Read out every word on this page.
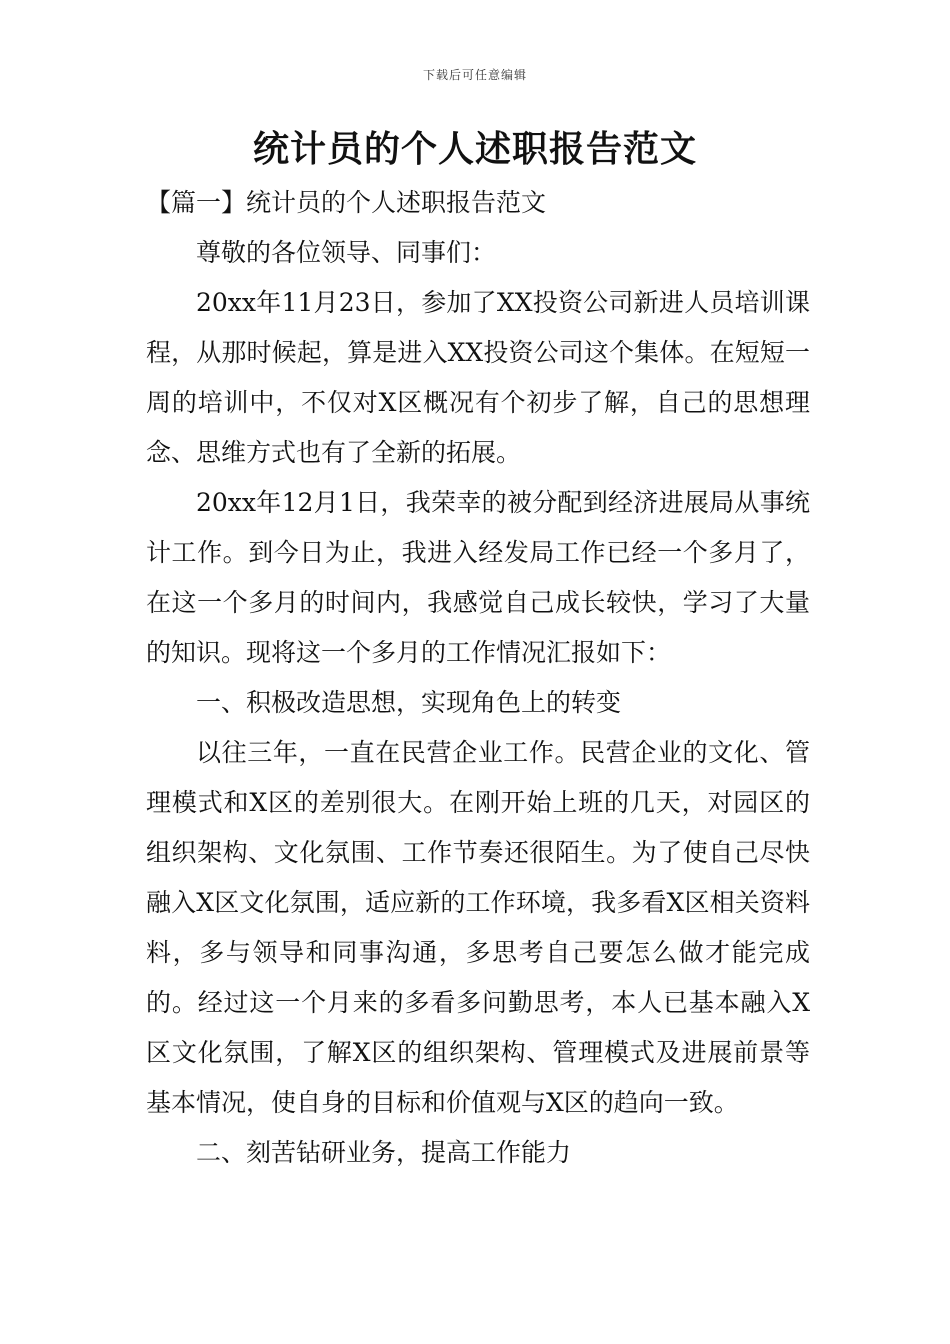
下载后可任意编辑
统计员的个人述职报告范文

【篇一】统计员的个人述职报告范文

尊敬的各位领导、同事们：

20xx年11月23日，参加了XX投资公司新进人员培训课程，从那时候起，算是进入XX投资公司这个集体。在短短一周的培训中，不仅对X区概况有个初步了解，自己的思想理念、思维方式也有了全新的拓展。

20xx年12月1日，我荣幸的被分配到经济进展局从事统计工作。到今日为止，我进入经发局工作已经一个多月了，在这一个多月的时间内，我感觉自己成长较快，学习了大量的知识。现将这一个多月的工作情况汇报如下：

一、积极改造思想，实现角色上的转变

以往三年，一直在民营企业工作。民营企业的文化、管理模式和X区的差别很大。在刚开始上班的几天，对园区的组织架构、文化氛围、工作节奏还很陌生。为了使自己尽快融入X区文化氛围，适应新的工作环境，我多看X区相关资料料，多与领导和同事沟通，多思考自己要怎么做才能完成的。经过这一个月来的多看多问勤思考，本人已基本融入X区文化氛围，了解X区的组织架构、管理模式及进展前景等基本情况，使自身的目标和价值观与X区的趋向一致。

二、刻苦钻研业务，提高工作能力
